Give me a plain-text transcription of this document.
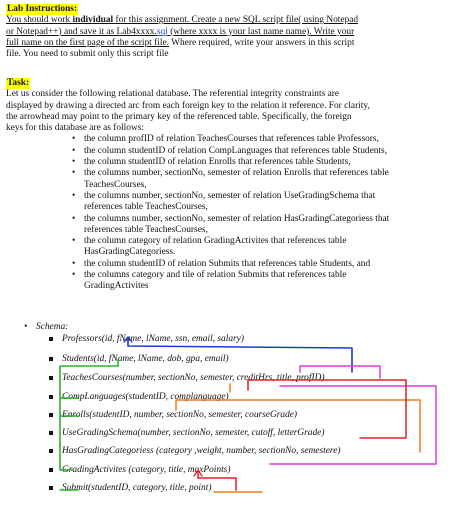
Lab Instructions:
You should work individual for this assignment. Create a new SQL script file( using Notepad
or Notepad++) and save it as Lab4xxxx.sql (where xxxx is your last name name). Write your
full name on the first page of the script file. Where required, write your answers in this script
file. You need to submit only this script file
Task:
Let us consider the following relational database. The referential integrity constraints are
displayed by drawing a directed arc from each foreign key to the relation it reference. For clarity,
the arrowhead may point to the primary key of the referenced table. Specifically, the foreign
keys for this database are as follows:
• the column profID of relation TeachesCourses that references table Professors,
• the column studentID of relation CompLanguages that references table Students,
• the column studentID of relation Enrolls that references table Students,
• the columns number, sectionNo, semester of relation Enrolls that references table
TeachesCourses,
• the columns number, sectionNo, semester of relation UseGradingSchema that
references table TeachesCourses,
• the columns number, sectionNo, semester of relation HasGradingCategoriess that
references table TeachesCourses,
• the column category of relation GradingActivites that references table
HasGradingCategoriess.
• the column studentID of relation Submits that references table Students, and
• the columns category and tile of relation Submits that references table
GradingActivites
• Schema:
Professors(id, fName, lName, ssn, email, salary)
Students(id, fName, lName, dob, gpa, email)
TeachesCourses(number, sectionNo, semester, creditHrs, title, profID)
CompLanguages(studentID, complanguage)
Enrolls(studentID, number, sectionNo, semester, courseGrade)
UseGradingSchema(number, sectionNo, semester, cutoff, letterGrade)
HasGradingCategoriess (category ,weight, number, sectionNo, semestere)
GradingActivites (category, title, maxPoints)
Submit(studentID, category, title, point)
